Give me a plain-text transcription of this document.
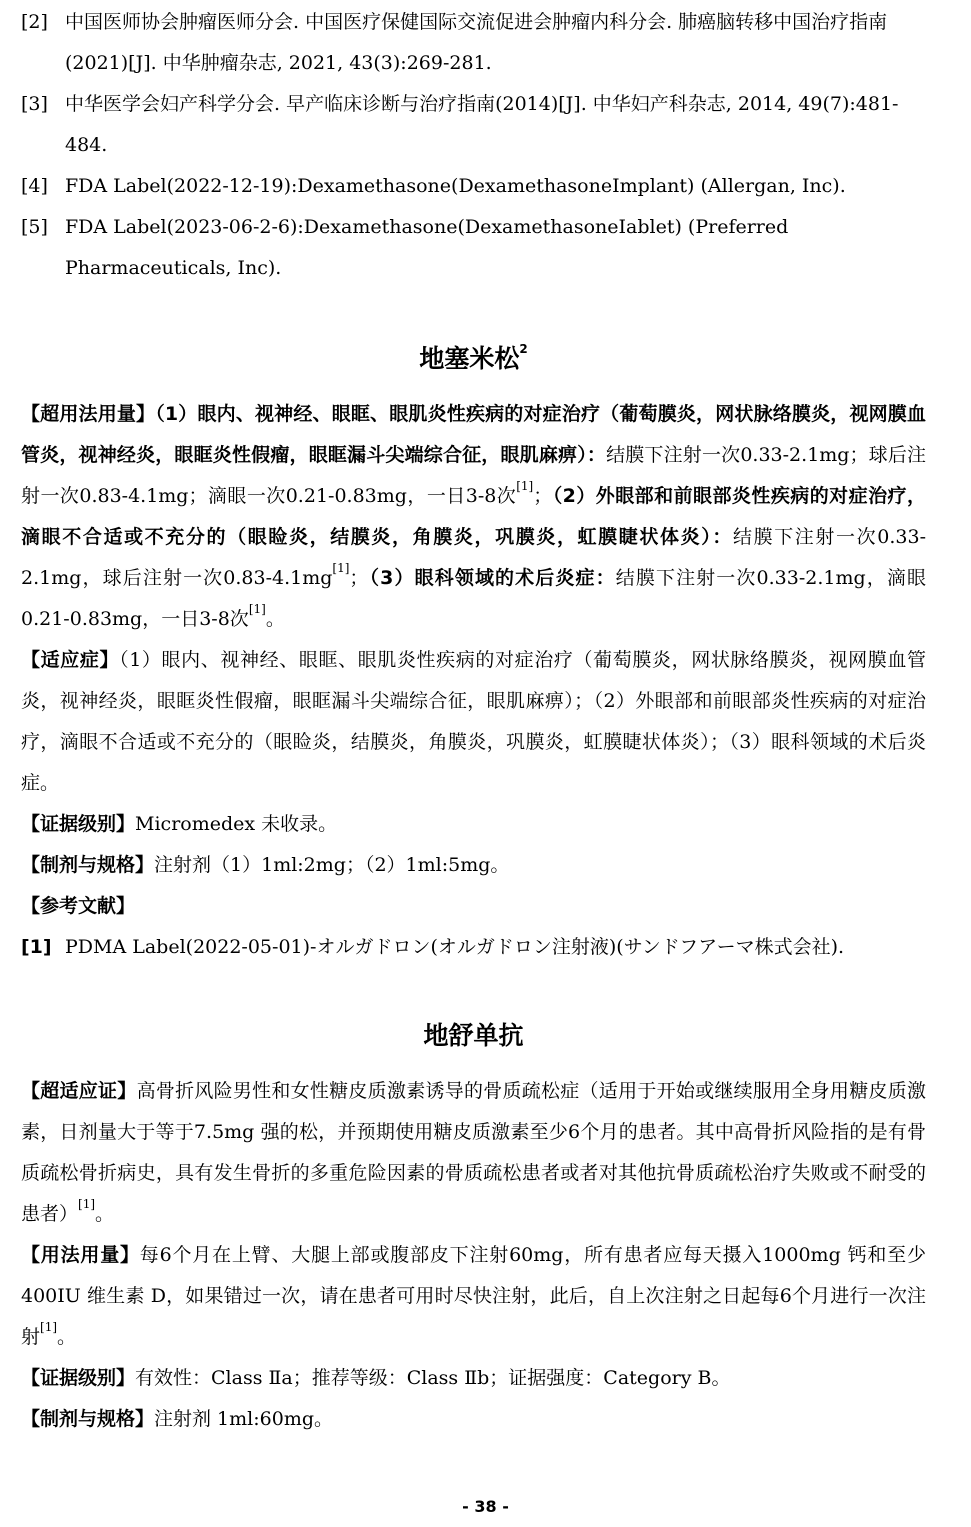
[2] 中国医师协会肿瘤医师分会. 中国医疗保健国际交流促进会肿瘤内科分会. 肺癌脑转移中国治疗指南(2021)[J]. 中华肿瘤杂志, 2021, 43(3):269-281.
[3] 中华医学会妇产科学分会. 早产临床诊断与治疗指南(2014)[J]. 中华妇产科杂志, 2014, 49(7):481-484.
[4] FDA Label(2022-12-19):Dexamethasone(DexamethasoneImplant) (Allergan, Inc).
[5] FDA Label(2023-06-2-6):Dexamethasone(DexamethasoneIablet) (Preferred Pharmaceuticals, Inc).
地塞米松$^2$

【超用法用量】（1）眼内、视神经、眼眶、眼肌炎性疾病的对症治疗（葡萄膜炎，网状脉络膜炎，视网膜血管炎，视神经炎，眼眶炎性假瘤，眼眶漏斗尖端综合征，眼肌麻痹）：结膜下注射一次0.33-2.1mg；球后注射一次0.83-4.1mg；滴眼一次0.21-0.83mg，一日3-8次[1]；（2）外眼部和前眼部炎性疾病的对症治疗，滴眼不合适或不充分的（眼睑炎，结膜炎，角膜炎，巩膜炎，虹膜睫状体炎）：结膜下注射一次0.33-2.1mg，球后注射一次0.83-4.1mg[1]；（3）眼科领域的术后炎症：结膜下注射一次0.33-2.1mg，滴眼0.21-0.83mg，一日3-8次[1]。

【适应症】（1）眼内、视神经、眼眶、眼肌炎性疾病的对症治疗（葡萄膜炎，网状脉络膜炎，视网膜血管炎，视神经炎，眼眶炎性假瘤，眼眶漏斗尖端综合征，眼肌麻痹）；（2）外眼部和前眼部炎性疾病的对症治疗，滴眼不合适或不充分的（眼睑炎，结膜炎，角膜炎，巩膜炎，虹膜睫状体炎）；（3）眼科领域的术后炎症。

【证据级别】Micromedex 未收录。

【制剂与规格】注射剂（1）1ml:2mg；（2）1ml:5mg。

【参考文献】

[1] PDMA Label(2022-05-01)-オルガドロン(オルガドロン注射液)(サンドフアーマ株式会社).
地舒单抗

【超适应证】高骨折风险男性和女性糖皮质激素诱导的骨质疏松症（适用于开始或继续服用全身用糖皮质激素，日剂量大于等于7.5mg 强的松，并预期使用糖皮质激素至少6个月的患者。其中高骨折风险指的是有骨质疏松骨折病史，具有发生骨折的多重危险因素的骨质疏松患者或者对其他抗骨质疏松治疗失败或不耐受的患者）[1]。

【用法用量】每6个月在上臂、大腿上部或腹部皮下注射60mg，所有患者应每天摄入1000mg 钙和至少400IU 维生素 D，如果错过一次，请在患者可用时尽快注射，此后，自上次注射之日起每6个月进行一次注射[1]。

【证据级别】有效性：Class Ⅱa；推荐等级：Class Ⅱb；证据强度：Category B。

【制剂与规格】注射剂 1ml:60mg。

- 38 -
